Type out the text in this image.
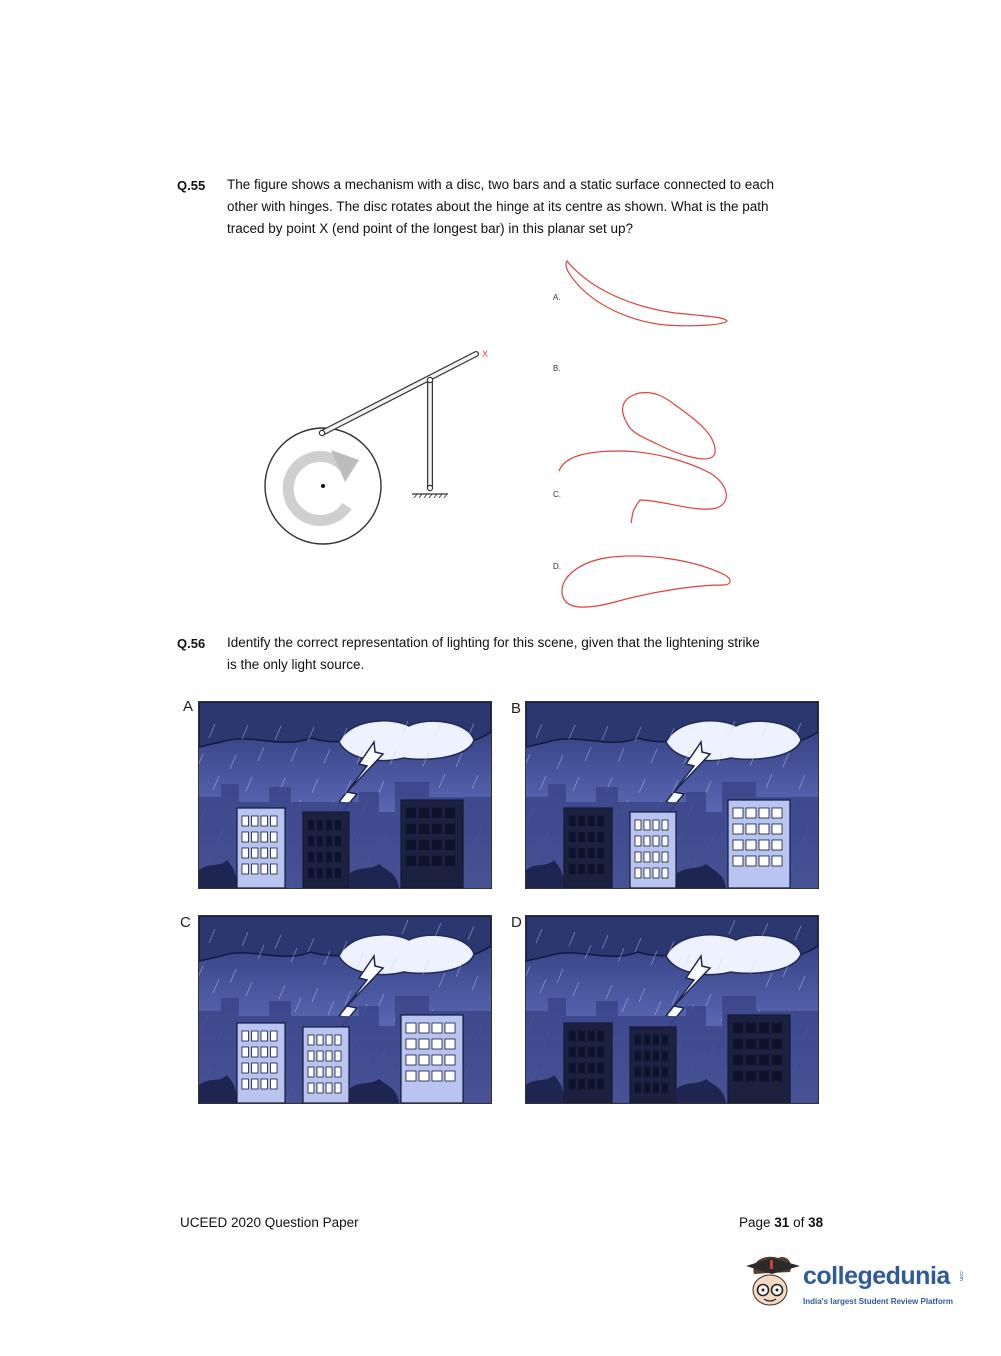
Q.55 The figure shows a mechanism with a disc, two bars and a static surface connected to each
other with hinges. The disc rotates about the hinge at its centre as shown. What is the path
traced by point X (end point of the longest bar) in this planar set up?
X
A.
B.
C.
D.
Q.56 Identify the correct representation of lighting for this scene, given that the lightening strike
is the only light source.
A	B
C	D
UCEED 2020 Question Paper	Page 31 of 38
collegedunia .com
India's largest Student Review Platform
